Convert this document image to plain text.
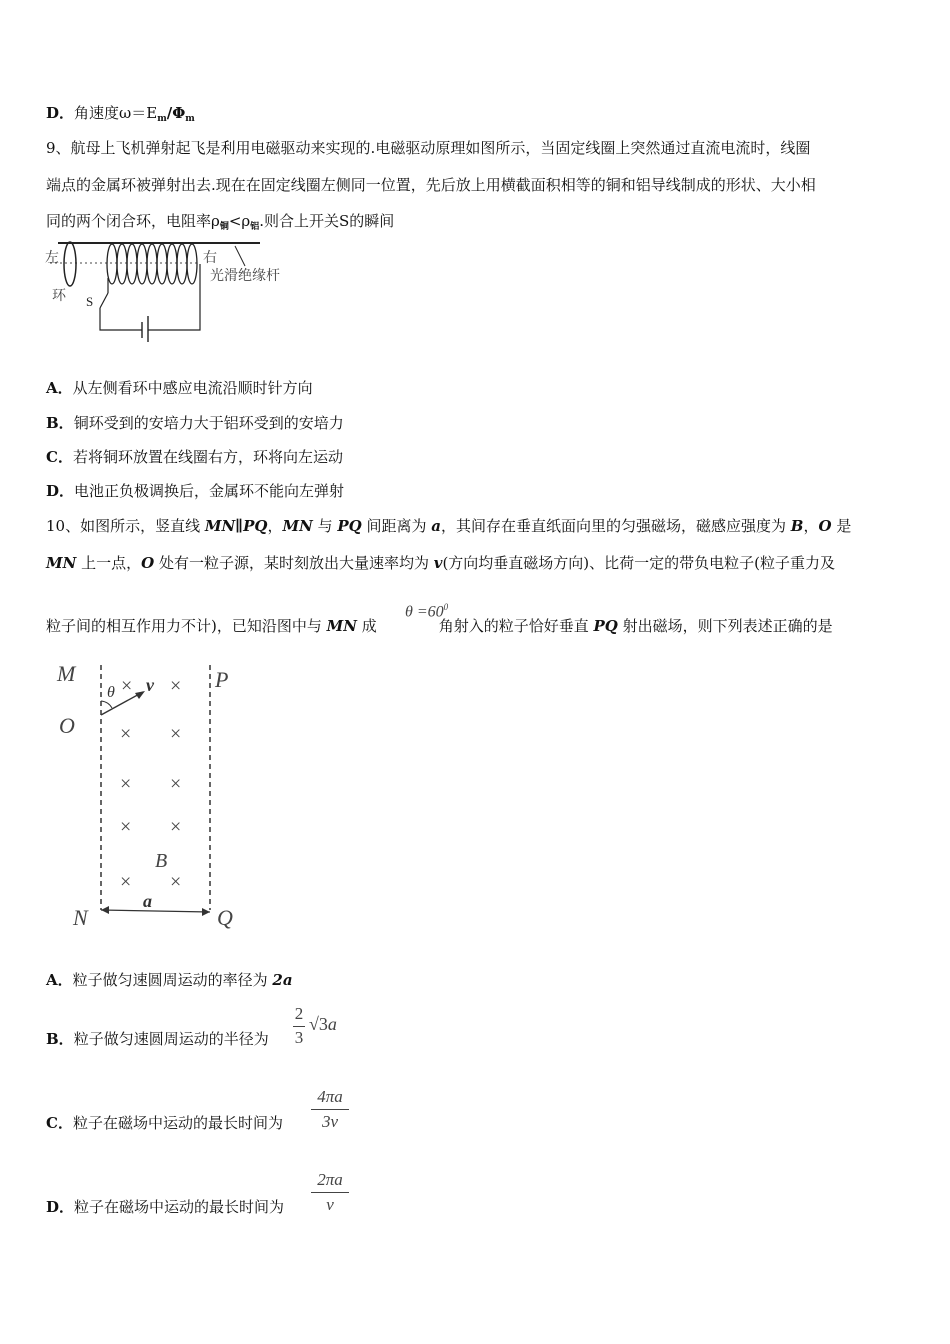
D．角速度$\omega=E_m/\Phi_m$
9、航母上飞机弹射起飞是利用电磁驱动来实现的.电磁驱动原理如图所示，当固定线圈上突然通过直流电流时，线圈
端点的金属环被弹射出去.现在在固定线圈左侧同一位置，先后放上用横截面积相等的铜和铝导线制成的形状、大小相
同的两个闭合环，电阻率$\rho_铜<\rho_铝$.则合上开关S的瞬间
左	右
光滑绝缘杆
环 S
A．从左侧看环中感应电流沿顺时针方向
B．铜环受到的安培力大于铝环受到的安培力
C．若将铜环放置在线圈右方，环将向左运动
D．电池正负极调换后，金属环不能向左弹射
10、如图所示，竖直线 MN∥PQ，MN 与 PQ 间距离为 a，其间存在垂直纸面向里的匀强磁场，磁感应强度为 B，O 是
MN 上一点，O 处有一粒子源，某时刻放出大量速率均为 v(方向均垂直磁场方向)、比荷一定的带负电粒子(粒子重力及
粒子间的相互作用力不计)，已知沿图中与 MN 成	角射入的粒子恰好垂直 PQ 射出磁场，则下列表述正确的是
$\theta =60^0$
M
O
P
N	Q
B
a
θ v
× ×
× ×
× ×
× ×
× ×
A．粒子做匀速圆周运动的率径为 2a
B．粒子做匀速圆周运动的半径为
2
3
√3a
C．粒子在磁场中运动的最长时间为
4πa
3v
D．粒子在磁场中运动的最长时间为
2πa
v
